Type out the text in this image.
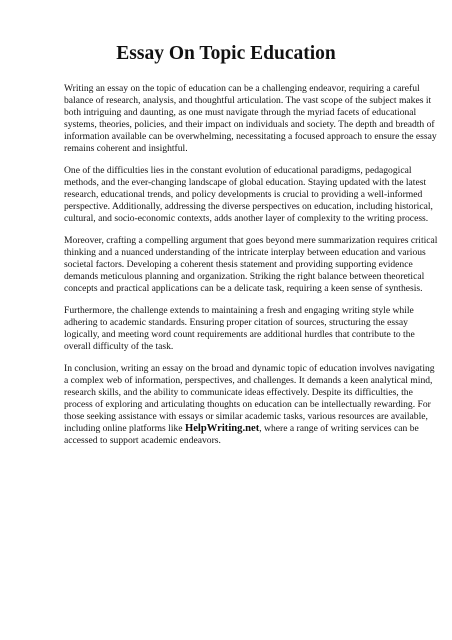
Essay On Topic Education

Writing an essay on the topic of education can be a challenging endeavor, requiring a careful
balance of research, analysis, and thoughtful articulation. The vast scope of the subject makes it
both intriguing and daunting, as one must navigate through the myriad facets of educational
systems, theories, policies, and their impact on individuals and society. The depth and breadth of
information available can be overwhelming, necessitating a focused approach to ensure the essay
remains coherent and insightful.

One of the difficulties lies in the constant evolution of educational paradigms, pedagogical
methods, and the ever-changing landscape of global education. Staying updated with the latest
research, educational trends, and policy developments is crucial to providing a well-informed
perspective. Additionally, addressing the diverse perspectives on education, including historical,
cultural, and socio-economic contexts, adds another layer of complexity to the writing process.

Moreover, crafting a compelling argument that goes beyond mere summarization requires critical
thinking and a nuanced understanding of the intricate interplay between education and various
societal factors. Developing a coherent thesis statement and providing supporting evidence
demands meticulous planning and organization. Striking the right balance between theoretical
concepts and practical applications can be a delicate task, requiring a keen sense of synthesis.

Furthermore, the challenge extends to maintaining a fresh and engaging writing style while
adhering to academic standards. Ensuring proper citation of sources, structuring the essay
logically, and meeting word count requirements are additional hurdles that contribute to the
overall difficulty of the task.

In conclusion, writing an essay on the broad and dynamic topic of education involves navigating
a complex web of information, perspectives, and challenges. It demands a keen analytical mind,
research skills, and the ability to communicate ideas effectively. Despite its difficulties, the
process of exploring and articulating thoughts on education can be intellectually rewarding. For
those seeking assistance with essays or similar academic tasks, various resources are available,
including online platforms like HelpWriting.net, where a range of writing services can be
accessed to support academic endeavors.
